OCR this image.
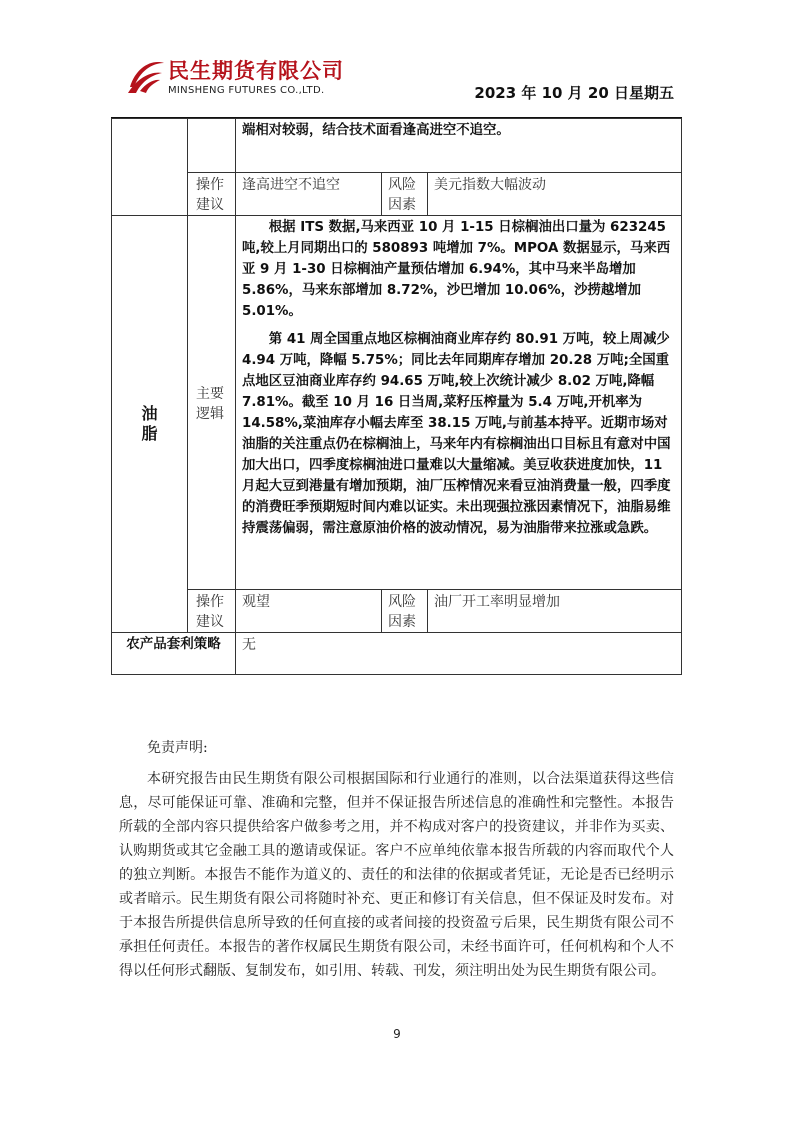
民生期货有限公司
MINSHENG FUTURES CO.,LTD.	2023 年 10 月 20 日星期五
		端相对较弱，结合技术面看逢高进空不追空。		
	操作建议	逢高进空不追空	风险因素	美元指数大幅波动

油脂	主要逻辑	根据 ITS 数据,马来西亚 10 月 1-15 日棕榈油出口量为 623245 吨,较上月同期出口的 580893 吨增加 7%。MPOA 数据显示，马来西亚 9 月 1-30 日棕榈油产量预估增加 6.94%，其中马来半岛增加 5.86%，马来东部增加 8.72%，沙巴增加 10.06%，沙捞越增加 5.01%。

第 41 周全国重点地区棕榈油商业库存约 80.91 万吨，较上周减少 4.94 万吨，降幅 5.75%；同比去年同期库存增加 20.28 万吨;全国重点地区豆油商业库存约 94.65 万吨,较上次统计减少 8.02 万吨,降幅 7.81%。截至 10 月 16 日当周,菜籽压榨量为 5.4 万吨,开机率为 14.58%,菜油库存小幅去库至 38.15 万吨,与前基本持平。近期市场对油脂的关注重点仍在棕榈油上，马来年内有棕榈油出口目标且有意对中国加大出口，四季度棕榈油进口量难以大量缩减。美豆收获进度加快，11 月起大豆到港量有增加预期，油厂压榨情况来看豆油消费量一般，四季度的消费旺季预期短时间内难以证实。未出现强拉涨因素情况下，油脂易维持震荡偏弱，需注意原油价格的波动情况，易为油脂带来拉涨或急跌。		

	操作建议	观望	风险因素	油厂开工率明显增加
农产品套利策略		无		

免责声明:

本研究报告由民生期货有限公司根据国际和行业通行的准则，以合法渠道获得这些信息，尽可能保证可靠、准确和完整，但并不保证报告所述信息的准确性和完整性。本报告所载的全部内容只提供给客户做参考之用，并不构成对客户的投资建议，并非作为买卖、认购期货或其它金融工具的邀请或保证。客户不应单纯依靠本报告所载的内容而取代个人的独立判断。本报告不能作为道义的、责任的和法律的依据或者凭证，无论是否已经明示或者暗示。民生期货有限公司将随时补充、更正和修订有关信息，但不保证及时发布。对于本报告所提供信息所导致的任何直接的或者间接的投资盈亏后果，民生期货有限公司不承担任何责任。本报告的著作权属民生期货有限公司，未经书面许可，任何机构和个人不得以任何形式翻版、复制发布，如引用、转载、刊发，须注明出处为民生期货有限公司。

9
